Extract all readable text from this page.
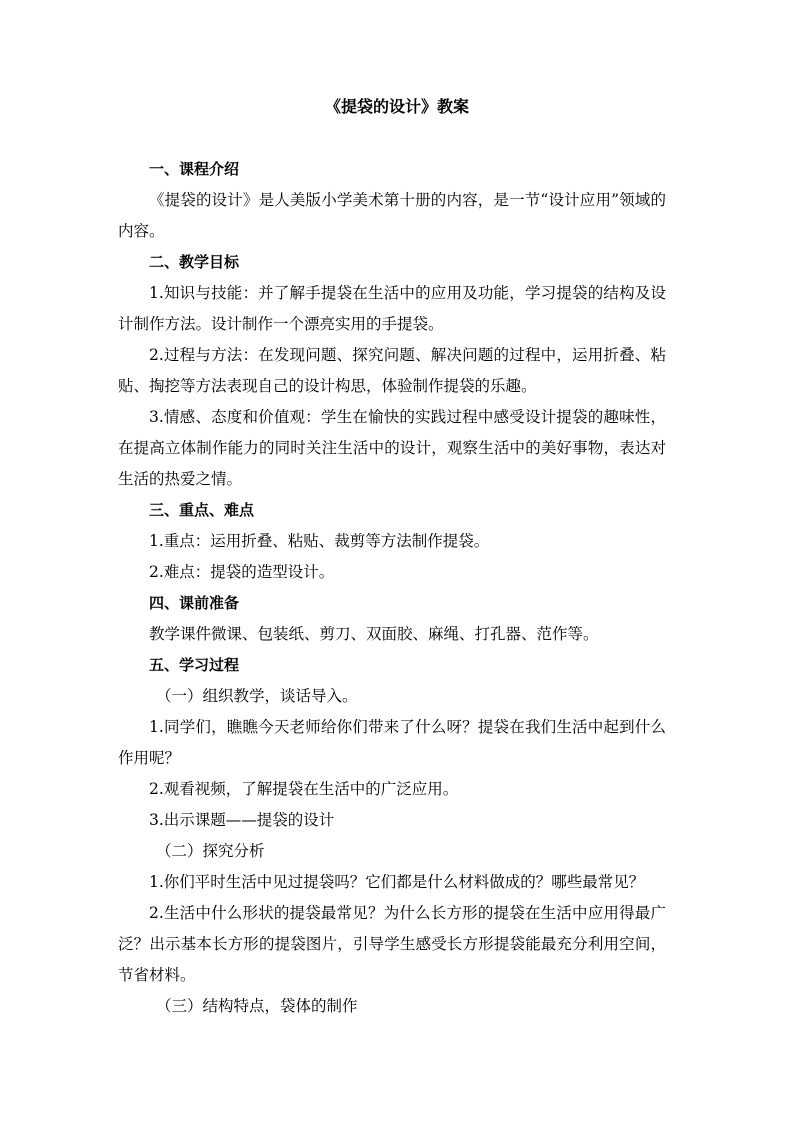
《提袋的设计》教案

一、课程介绍

《提袋的设计》是人美版小学美术第十册的内容，是一节“设计应用”领域的内容。

二、教学目标

1.知识与技能：并了解手提袋在生活中的应用及功能，学习提袋的结构及设计制作方法。设计制作一个漂亮实用的手提袋。

2.过程与方法：在发现问题、探究问题、解决问题的过程中，运用折叠、粘贴、掏挖等方法表现自己的设计构思，体验制作提袋的乐趣。

3.情感、态度和价值观：学生在愉快的实践过程中感受设计提袋的趣味性，在提高立体制作能力的同时关注生活中的设计，观察生活中的美好事物，表达对生活的热爱之情。

三、重点、难点

1.重点：运用折叠、粘贴、裁剪等方法制作提袋。

2.难点：提袋的造型设计。

四、课前准备

教学课件微课、包装纸、剪刀、双面胶、麻绳、打孔器、范作等。

五、学习过程

（一）组织教学，谈话导入。

1.同学们，瞧瞧今天老师给你们带来了什么呀？提袋在我们生活中起到什么作用呢？

2.观看视频，了解提袋在生活中的广泛应用。

3.出示课题——提袋的设计

（二）探究分析

1.你们平时生活中见过提袋吗？它们都是什么材料做成的？哪些最常见？

2.生活中什么形状的提袋最常见？为什么长方形的提袋在生活中应用得最广泛？出示基本长方形的提袋图片，引导学生感受长方形提袋能最充分利用空间，节省材料。

（三）结构特点，袋体的制作
